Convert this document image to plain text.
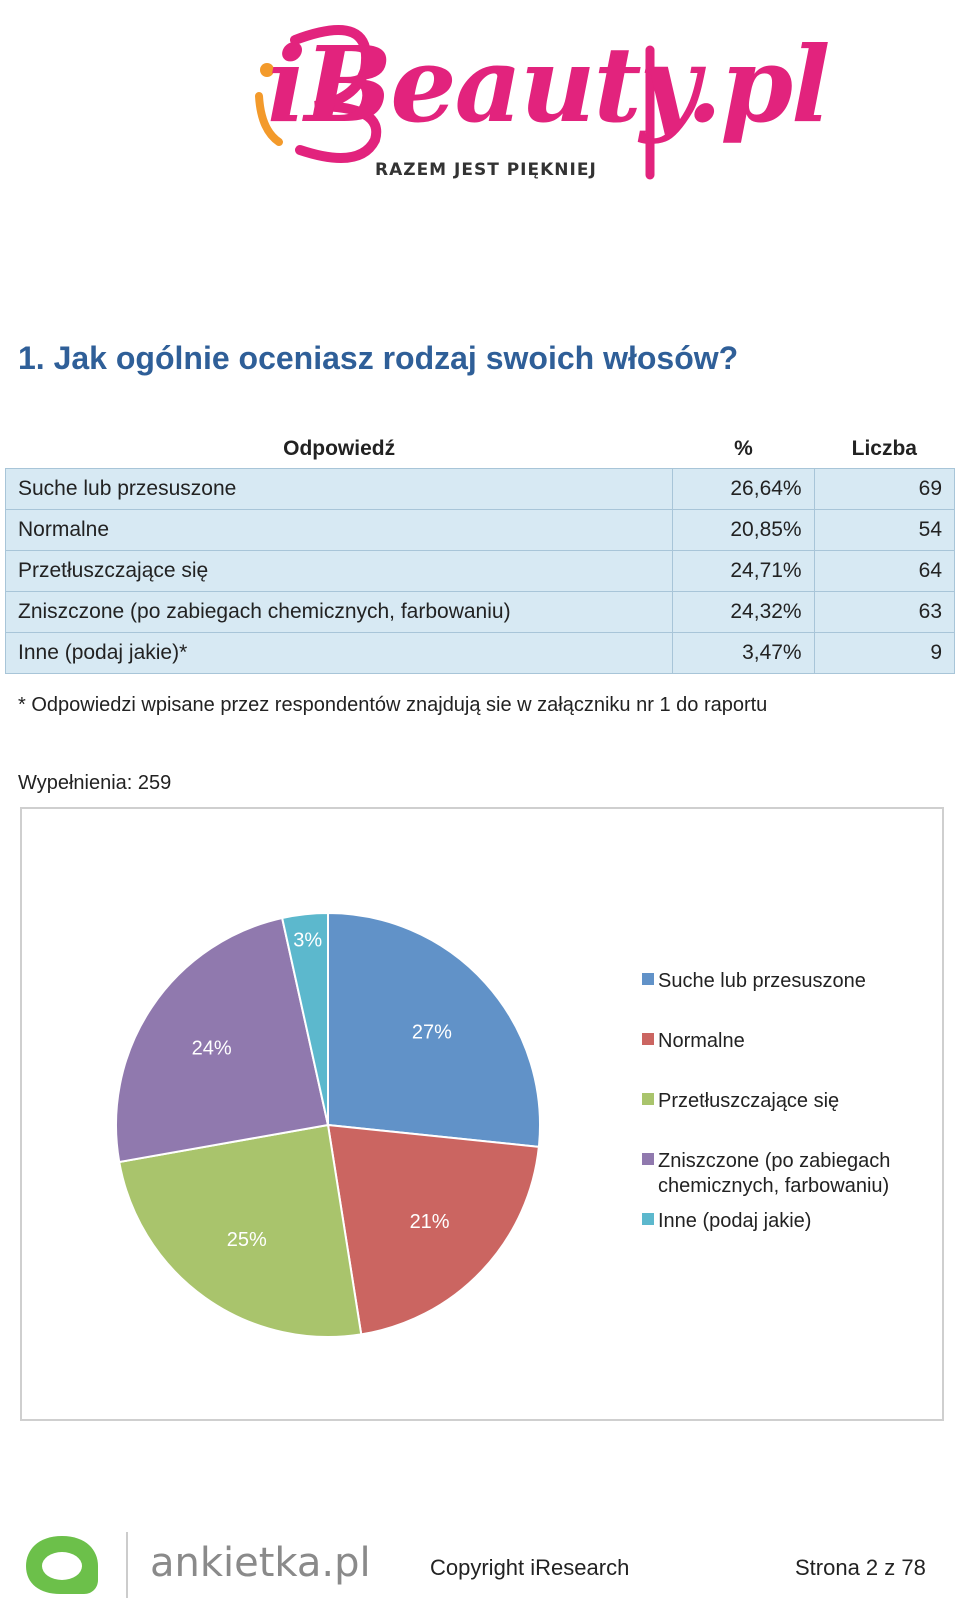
iBeauty.pl
RAZEM JEST PIĘKNIEJ
1. Jak ogólnie oceniasz rodzaj swoich włosów?
Odpowiedź	%	Liczba
Suche lub przesuszone	26,64%	69
Normalne	20,85%	54
Przetłuszczające się	24,71%	64
Zniszczone (po zabiegach chemicznych, farbowaniu)	24,32%	63
Inne (podaj jakie)*	3,47%	9
* Odpowiedzi wpisane przez respondentów znajdują sie w załączniku nr 1 do raportu
Wypełnienia: 259
27%
21%
25%
24%
3%
Suche lub przesuszone
Normalne
Przetłuszczające się
Zniszczone (po zabiegach
chemicznych, farbowaniu)
Inne (podaj jakie)
ankietka.pl	Copyright iResearch	Strona 2 z 78
